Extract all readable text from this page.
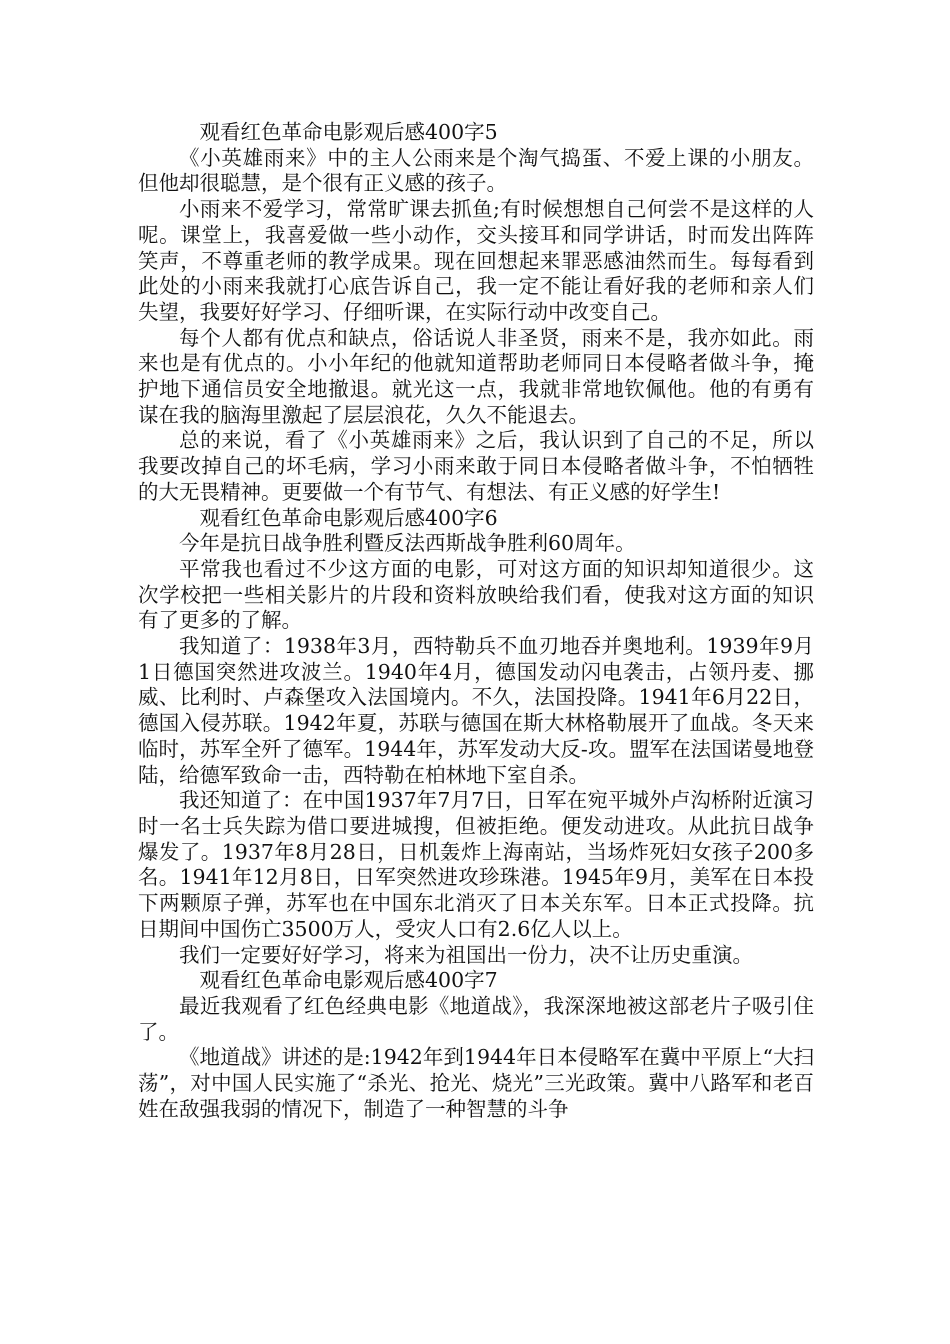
观看红色革命电影观后感400字5

《小英雄雨来》中的主人公雨来是个淘气捣蛋、不爱上课的小朋友。但他却很聪慧，是个很有正义感的孩子。

小雨来不爱学习，常常旷课去抓鱼;有时候想想自己何尝不是这样的人呢。课堂上，我喜爱做一些小动作，交头接耳和同学讲话，时而发出阵阵笑声，不尊重老师的教学成果。现在回想起来罪恶感油然而生。每每看到此处的小雨来我就打心底告诉自己，我一定不能让看好我的老师和亲人们失望，我要好好学习、仔细听课，在实际行动中改变自己。

每个人都有优点和缺点，俗话说人非圣贤，雨来不是，我亦如此。雨来也是有优点的。小小年纪的他就知道帮助老师同日本侵略者做斗争，掩护地下通信员安全地撤退。就光这一点，我就非常地钦佩他。他的有勇有谋在我的脑海里激起了层层浪花，久久不能退去。

总的来说，看了《小英雄雨来》之后，我认识到了自己的不足，所以我要改掉自己的坏毛病，学习小雨来敢于同日本侵略者做斗争，不怕牺牲的大无畏精神。更要做一个有节气、有想法、有正义感的好学生!

观看红色革命电影观后感400字6

今年是抗日战争胜利暨反法西斯战争胜利60周年。

平常我也看过不少这方面的电影，可对这方面的知识却知道很少。这次学校把一些相关影片的片段和资料放映给我们看，使我对这方面的知识有了更多的了解。

我知道了：1938年3月，西特勒兵不血刃地吞并奥地利。1939年9月1日德国突然进攻波兰。1940年4月，德国发动闪电袭击，占领丹麦、挪威、比利时、卢森堡攻入法国境内。不久，法国投降。1941年6月22日，德国入侵苏联。1942年夏，苏联与德国在斯大林格勒展开了血战。冬天来临时，苏军全歼了德军。1944年，苏军发动大反-攻。盟军在法国诺曼地登陆，给德军致命一击，西特勒在柏林地下室自杀。

我还知道了：在中国1937年7月7日，日军在宛平城外卢沟桥附近演习时一名士兵失踪为借口要进城搜，但被拒绝。便发动进攻。从此抗日战争爆发了。1937年8月28日，日机轰炸上海南站，当场炸死妇女孩子200多名。1941年12月8日，日军突然进攻珍珠港。1945年9月，美军在日本投下两颗原子弹，苏军也在中国东北消灭了日本关东军。日本正式投降。抗日期间中国伤亡3500万人，受灾人口有2.6亿人以上。

我们一定要好好学习，将来为祖国出一份力，决不让历史重演。

观看红色革命电影观后感400字7

最近我观看了红色经典电影《地道战》，我深深地被这部老片子吸引住了。

《地道战》讲述的是:1942年到1944年日本侵略军在冀中平原上“大扫荡”，对中国人民实施了“杀光、抢光、烧光”三光政策。冀中八路军和老百姓在敌强我弱的情况下，制造了一种智慧的斗争
